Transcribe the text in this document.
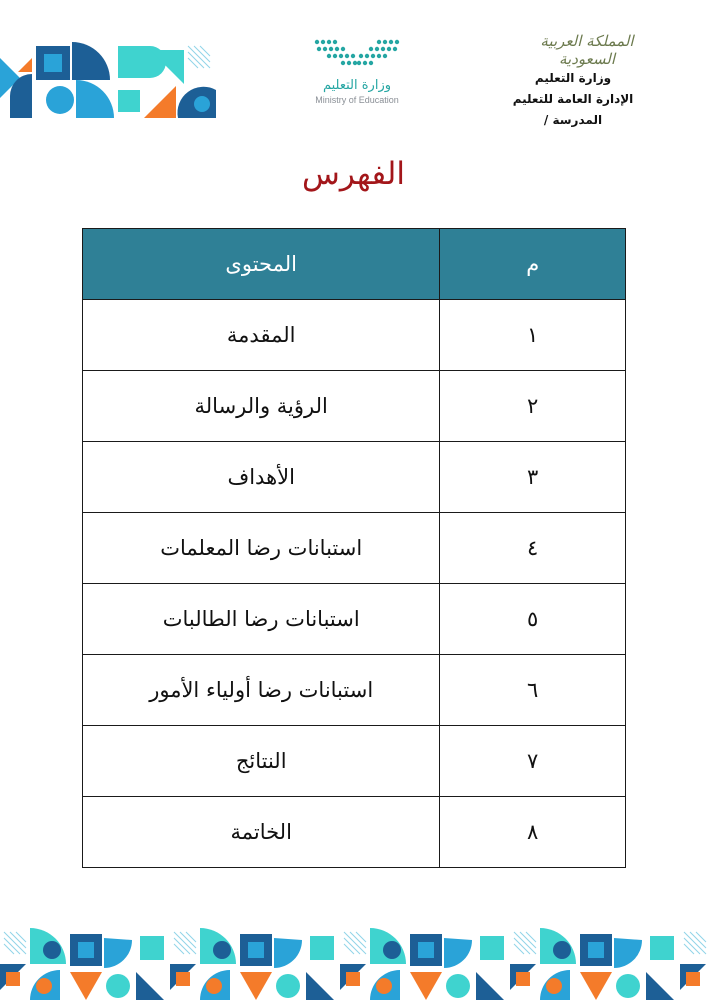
وزارة التعليم
Ministry of Education
المملكة العربية السعودية
وزارة التعليم
الإدارة العامة للتعليم
المدرسة /
الفهرس
م	المحتوى
١	المقدمة
٢	الرؤية والرسالة
٣	الأهداف
٤	استبانات رضا المعلمات
٥	استبانات رضا الطالبات
٦	استبانات رضا أولياء الأمور
٧	النتائج
٨	الخاتمة
